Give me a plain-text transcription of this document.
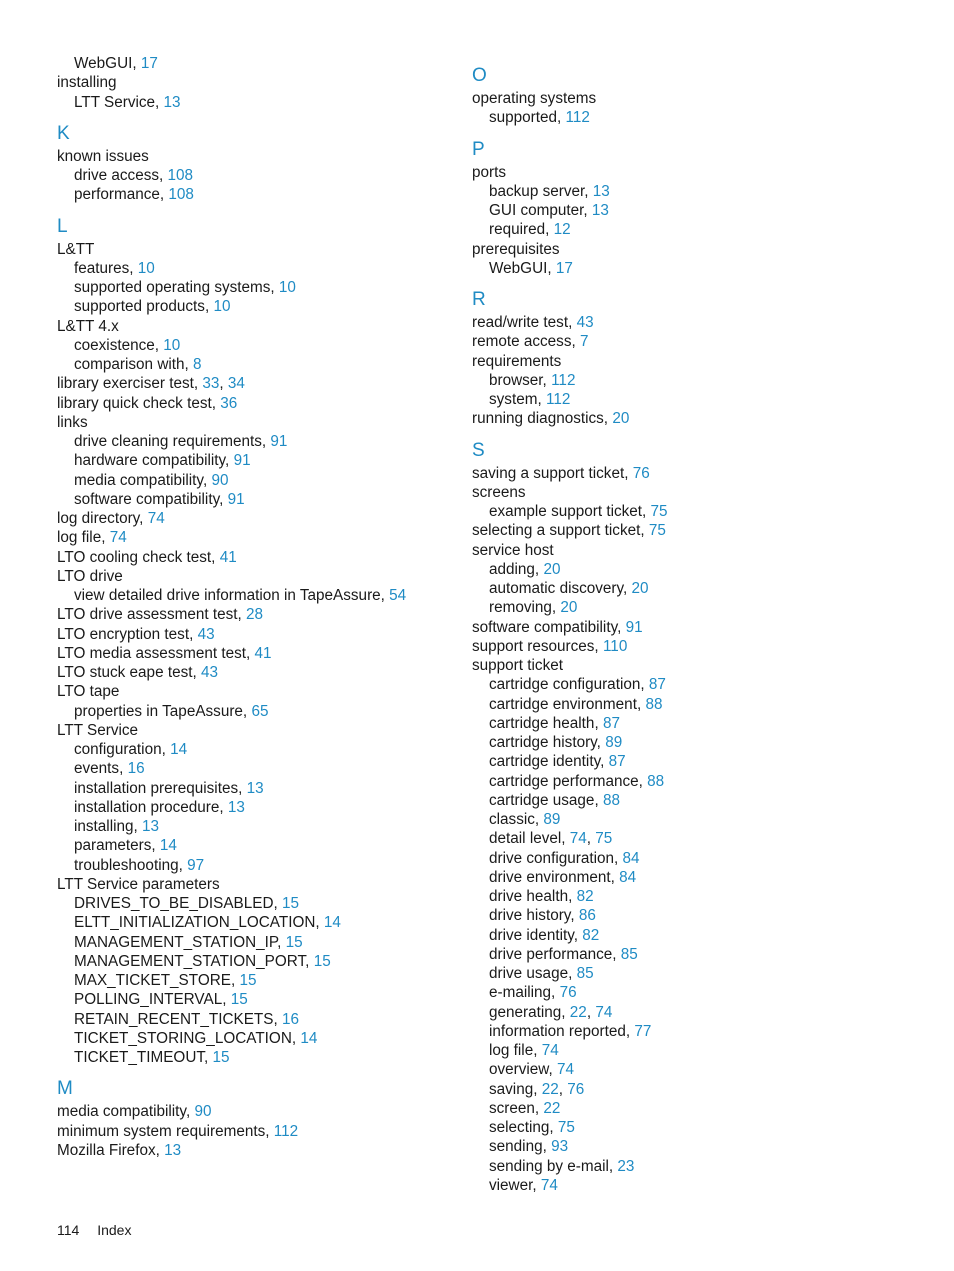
WebGUI, 17
installing
LTT Service, 13
K
known issues
drive access, 108
performance, 108
L
L&TT
features, 10
supported operating systems, 10
supported products, 10
L&TT 4.x
coexistence, 10
comparison with, 8
library exerciser test, 33, 34
library quick check test, 36
links
drive cleaning requirements, 91
hardware compatibility, 91
media compatibility, 90
software compatibility, 91
log directory, 74
log file, 74
LTO cooling check test, 41
LTO drive
view detailed drive information in TapeAssure, 54
LTO drive assessment test, 28
LTO encryption test, 43
LTO media assessment test, 41
LTO stuck eape test, 43
LTO tape
properties in TapeAssure, 65
LTT Service
configuration, 14
events, 16
installation prerequisites, 13
installation procedure, 13
installing, 13
parameters, 14
troubleshooting, 97
LTT Service parameters
DRIVES_TO_BE_DISABLED, 15
ELTT_INITIALIZATION_LOCATION, 14
MANAGEMENT_STATION_IP, 15
MANAGEMENT_STATION_PORT, 15
MAX_TICKET_STORE, 15
POLLING_INTERVAL, 15
RETAIN_RECENT_TICKETS, 16
TICKET_STORING_LOCATION, 14
TICKET_TIMEOUT, 15
M
media compatibility, 90
minimum system requirements, 112
Mozilla Firefox, 13
O
operating systems
supported, 112
P
ports
backup server, 13
GUI computer, 13
required, 12
prerequisites
WebGUI, 17
R
read/write test, 43
remote access, 7
requirements
browser, 112
system, 112
running diagnostics, 20
S
saving a support ticket, 76
screens
example support ticket, 75
selecting a support ticket, 75
service host
adding, 20
automatic discovery, 20
removing, 20
software compatibility, 91
support resources, 110
support ticket
cartridge configuration, 87
cartridge environment, 88
cartridge health, 87
cartridge history, 89
cartridge identity, 87
cartridge performance, 88
cartridge usage, 88
classic, 89
detail level, 74, 75
drive configuration, 84
drive environment, 84
drive health, 82
drive history, 86
drive identity, 82
drive performance, 85
drive usage, 85
e-mailing, 76
generating, 22, 74
information reported, 77
log file, 74
overview, 74
saving, 22, 76
screen, 22
selecting, 75
sending, 93
sending by e-mail, 23
viewer, 74
114 Index
